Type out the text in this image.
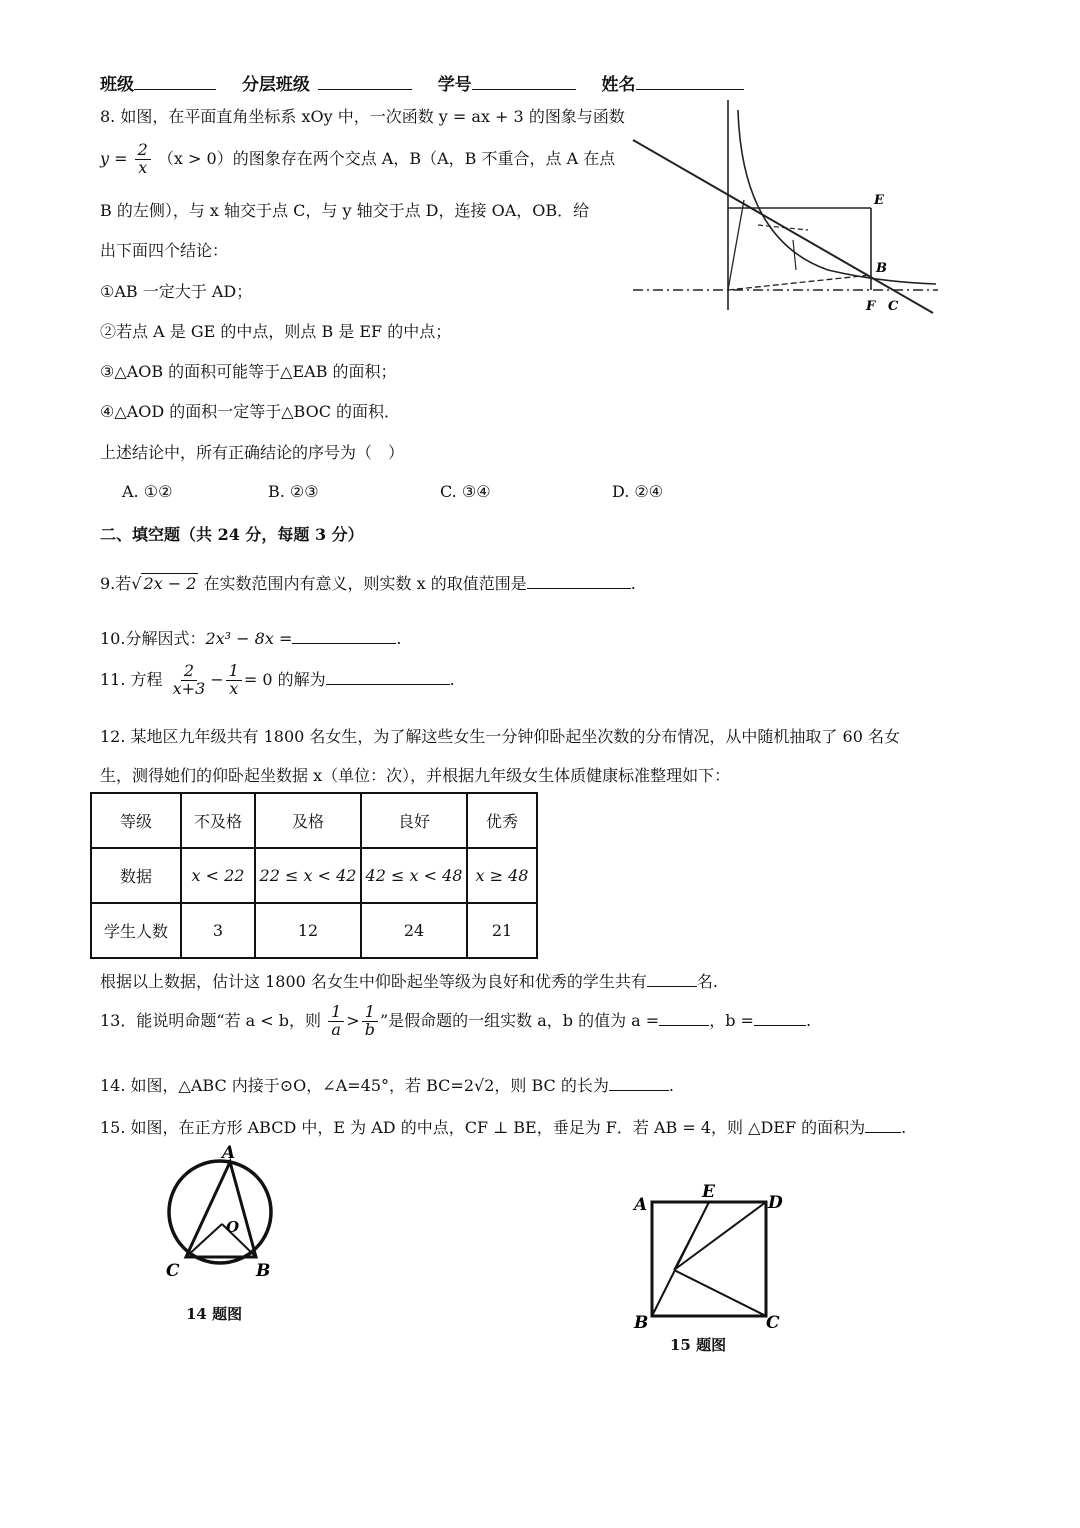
班级	分层班级	学号	姓名
8. 如图，在平面直角坐标系 xOy 中，一次函数 y = ax + 3 的图象与函数
$y = \frac{2}{x} (x > 0)$的图象存在两个交点 A，B（A，B 不重合，点 A 在点
B 的左侧），与 x 轴交于点 C，与 y 轴交于点 D，连接 OA，OB．给
出下面四个结论：
①AB 一定大于 AD；
②若点 A 是 GE 的中点，则点 B 是 EF 的中点；
③△AOB 的面积可能等于△EAB 的面积；
④△AOD 的面积一定等于△BOC 的面积．
上述结论中，所有正确结论的序号为（　）
A. ①②	B. ②③	C. ③④	D. ②④
E
B
F C
二、填空题（共 24 分，每题 3 分）
9.若√ 2x − 2 在实数范围内有意义，则实数 x 的取值范围是	.
10.分解因式：2x³ − 8x =	.
11. 方程 $\frac{2}{x+3} - \frac{1}{x} = 0$ 的解为	.
12. 某地区九年级共有 1800 名女生，为了解这些女生一分钟仰卧起坐次数的分布情况，从中随机抽取了 60 名女
生，测得她们的仰卧起坐数据 x（单位：次），并根据九年级女生体质健康标准整理如下：
等级	不及格	及格	良好	优秀
数据	x < 22	22 ≤ x < 42	42 ≤ x < 48	x ≥ 48
学生人数	3	12	24	21
根据以上数据，估计这 1800 名女生中仰卧起坐等级为良好和优秀的学生共有	名.
13．能说明命题“若 a < b，则 $\frac{1}{a} > \frac{1}{b}$ ”是假命题的一组实数 a，b 的值为 a =	，b =	.
14. 如图，△ABC 内接于⊙O，∠A=45°，若 BC=2√2，则 BC 的长为	.
15. 如图，在正方形 ABCD 中，E 为 AD 的中点，CF ⊥ BE，垂足为 F．若 AB = 4，则 △DEF 的面积为 .
A
O
C	B
14 题图
A
E
D
B	C
15 题图
